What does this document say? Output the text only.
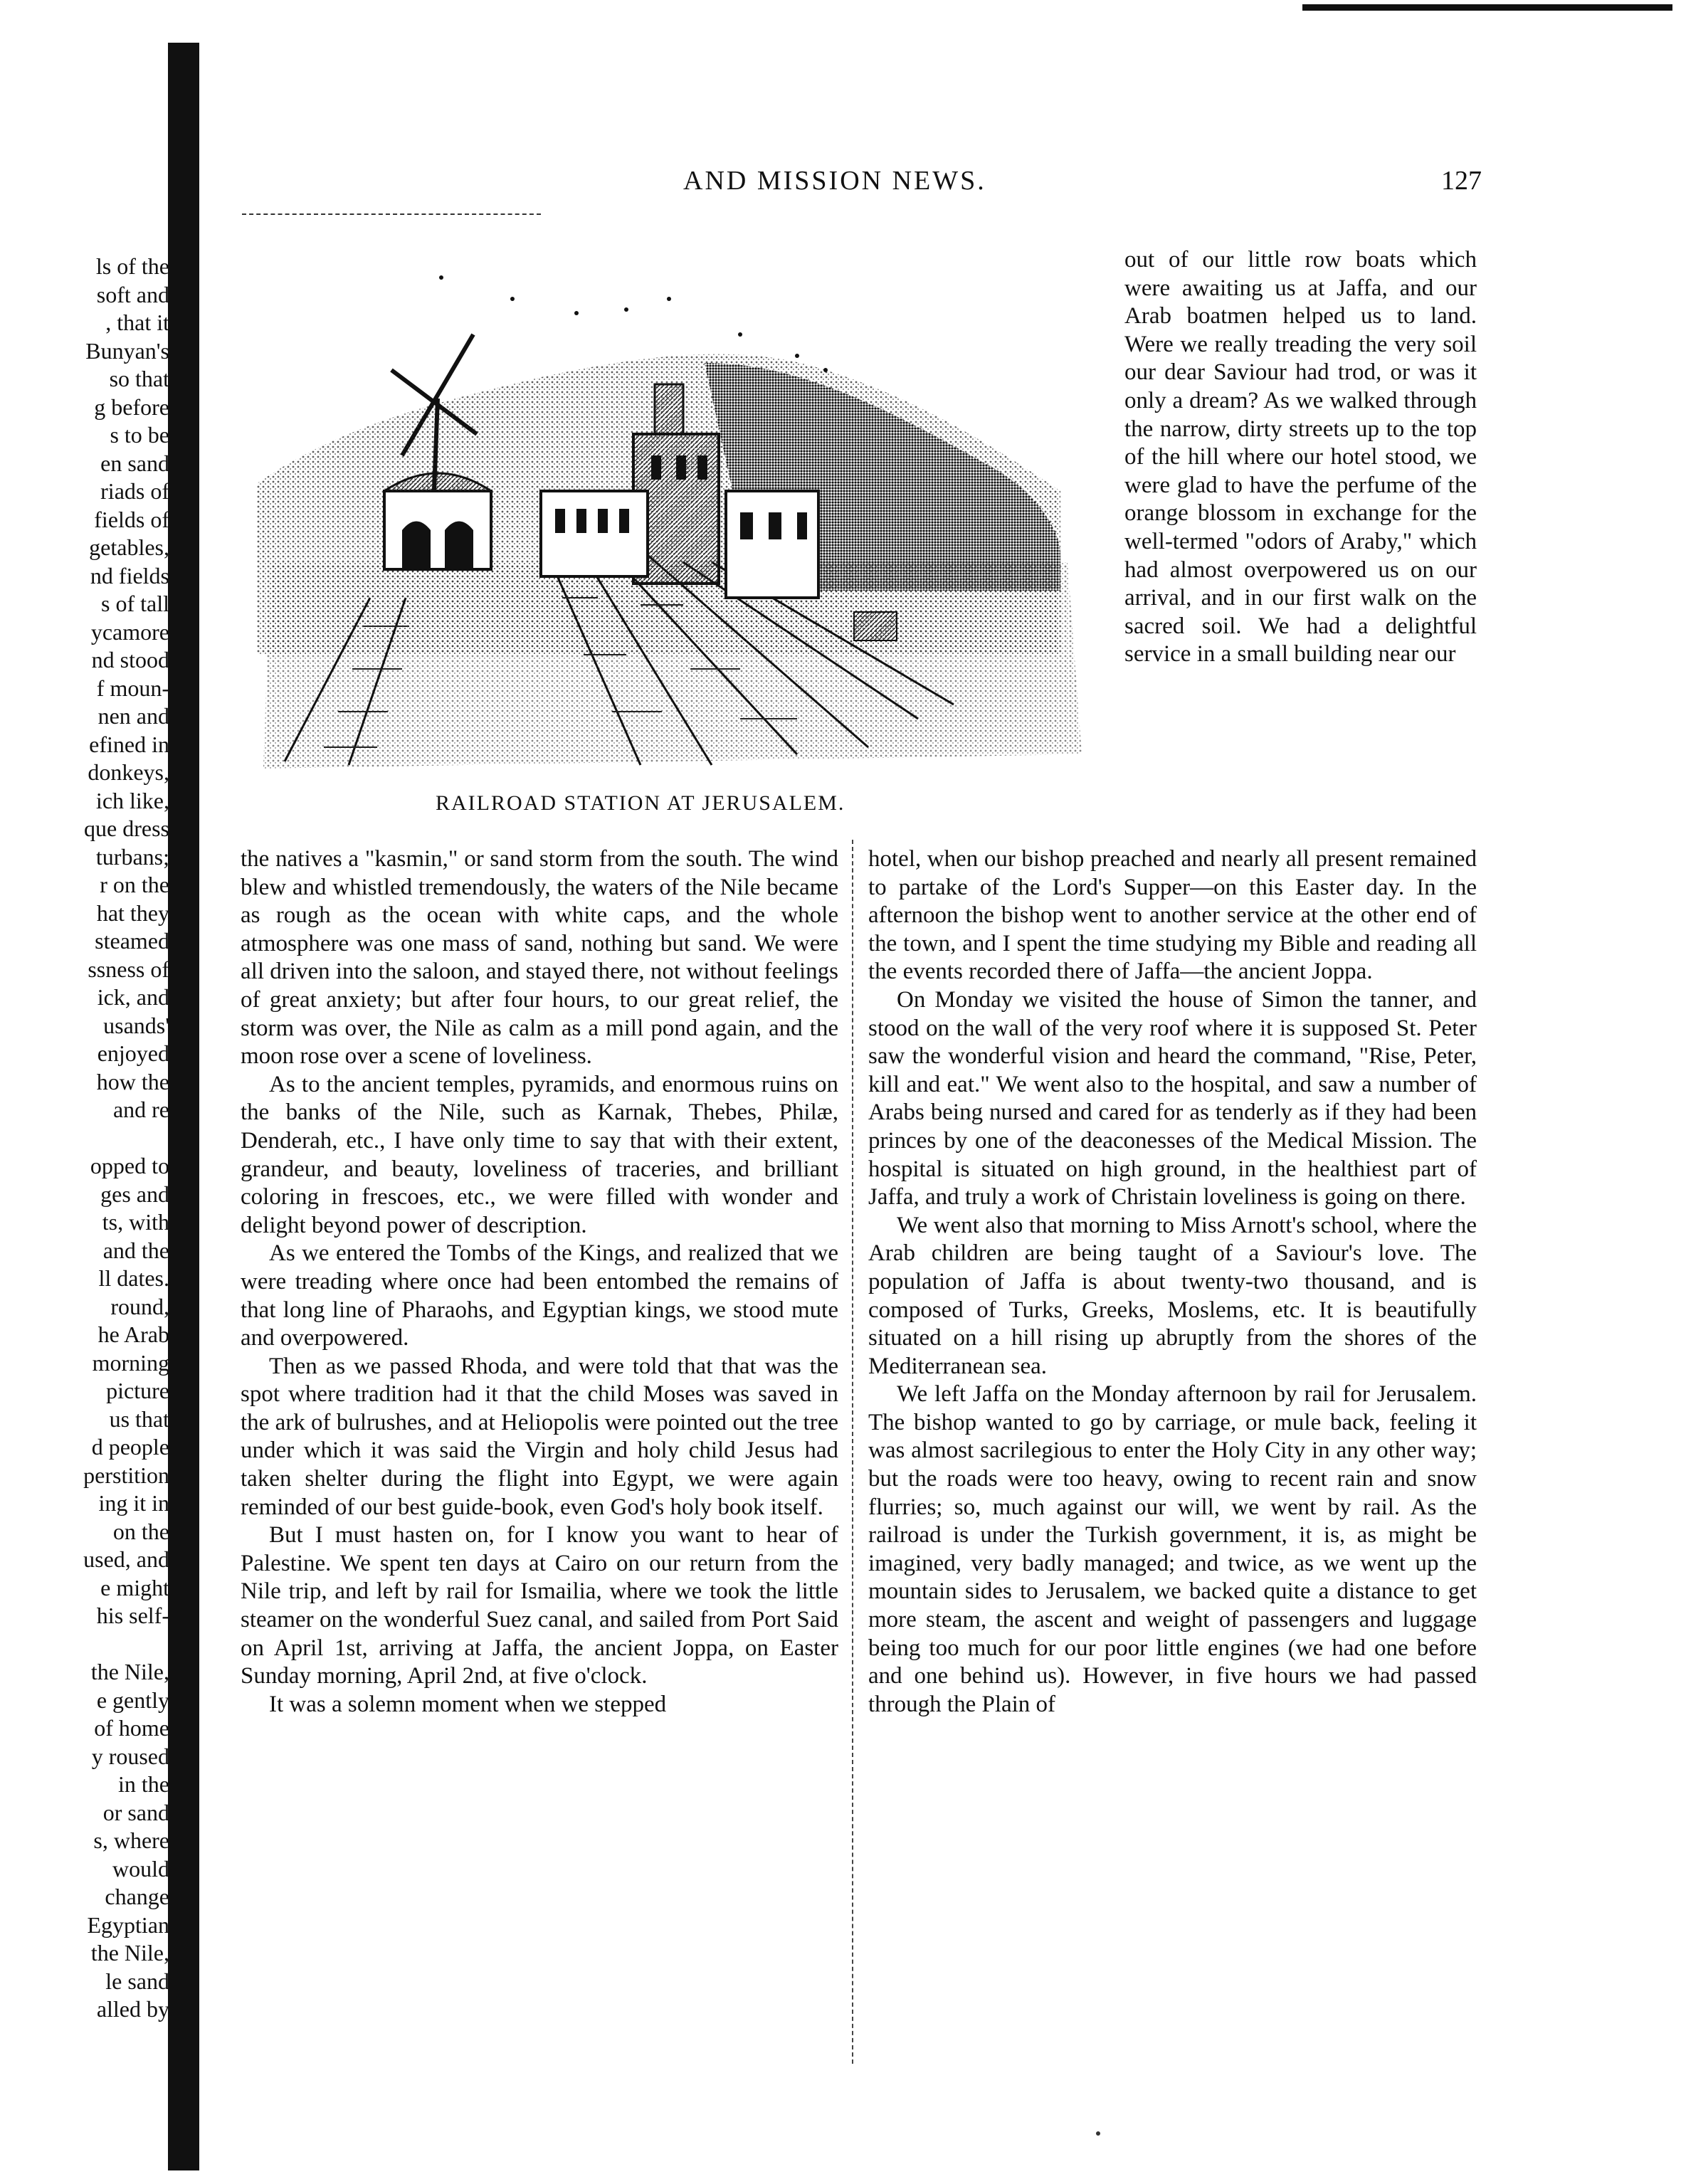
AND MISSION NEWS.	127
ls of the
soft and
, that it
Bunyan's
so that
g before
s to be
en sand
riads of
fields of
getables,
nd fields
s of tall
ycamore
nd stood
f moun-
nen and
efined in
donkeys,
ich like,
que dress
turbans;
r on the
hat they
steamed
ssness of
ick, and
usands'
enjoyed
how the
and re

opped to
ges and
ts, with
and the
ll dates.
round,
he Arab
morning
picture
us that
d people
perstition
ing it in
on the
used, and
e might
his self-

the Nile,
e gently
of home
y roused
in the
or sand
s, where
would
change
Egyptian
the Nile,
le sand
alled by
RAILROAD STATION AT JERUSALEM.
out of our little row boats which were awaiting us at Jaffa, and our Arab boatmen helped us to land. Were we really treading the very soil our dear Saviour had trod, or was it only a dream? As we walked through the narrow, dirty streets up to the top of the hill where our hotel stood, we were glad to have the perfume of the orange blossom in exchange for the well-termed "odors of Araby," which had almost overpowered us on our arrival, and in our first walk on the sacred soil. We had a delightful service in a small building near our

the natives a "kasmin," or sand storm from the south. The wind blew and whistled tremendously, the waters of the Nile became as rough as the ocean with white caps, and the whole atmosphere was one mass of sand, nothing but sand. We were all driven into the saloon, and stayed there, not without feelings of great anxiety; but after four hours, to our great relief, the storm was over, the Nile as calm as a mill pond again, and the moon rose over a scene of loveliness.

As to the ancient temples, pyramids, and enormous ruins on the banks of the Nile, such as Karnak, Thebes, Philæ, Denderah, etc., I have only time to say that with their extent, grandeur, and beauty, loveliness of traceries, and brilliant coloring in frescoes, etc., we were filled with wonder and delight beyond power of description.

As we entered the Tombs of the Kings, and realized that we were treading where once had been entombed the remains of that long line of Pharaohs, and Egyptian kings, we stood mute and overpowered.

Then as we passed Rhoda, and were told that that was the spot where tradition had it that the child Moses was saved in the ark of bulrushes, and at Heliopolis were pointed out the tree under which it was said the Virgin and holy child Jesus had taken shelter during the flight into Egypt, we were again reminded of our best guide-book, even God's holy book itself.

But I must hasten on, for I know you want to hear of Palestine. We spent ten days at Cairo on our return from the Nile trip, and left by rail for Ismailia, where we took the little steamer on the wonderful Suez canal, and sailed from Port Said on April 1st, arriving at Jaffa, the ancient Joppa, on Easter Sunday morning, April 2nd, at five o'clock.

It was a solemn moment when we stepped

hotel, when our bishop preached and nearly all present remained to partake of the Lord's Supper—on this Easter day. In the afternoon the bishop went to another service at the other end of the town, and I spent the time studying my Bible and reading all the events recorded there of Jaffa—the ancient Joppa.

On Monday we visited the house of Simon the tanner, and stood on the wall of the very roof where it is supposed St. Peter saw the wonderful vision and heard the command, "Rise, Peter, kill and eat." We went also to the hospital, and saw a number of Arabs being nursed and cared for as tenderly as if they had been princes by one of the deaconesses of the Medical Mission. The hospital is situated on high ground, in the healthiest part of Jaffa, and truly a work of Christain loveliness is going on there.

We went also that morning to Miss Arnott's school, where the Arab children are being taught of a Saviour's love. The population of Jaffa is about twenty-two thousand, and is composed of Turks, Greeks, Moslems, etc. It is beautifully situated on a hill rising up abruptly from the shores of the Mediterranean sea.

We left Jaffa on the Monday afternoon by rail for Jerusalem. The bishop wanted to go by carriage, or mule back, feeling it was almost sacrilegious to enter the Holy City in any other way; but the roads were too heavy, owing to recent rain and snow flurries; so, much against our will, we went by rail. As the railroad is under the Turkish government, it is, as might be imagined, very badly managed; and twice, as we went up the mountain sides to Jerusalem, we backed quite a distance to get more steam, the ascent and weight of passengers and luggage being too much for our poor little engines (we had one before and one behind us). However, in five hours we had passed through the Plain of
